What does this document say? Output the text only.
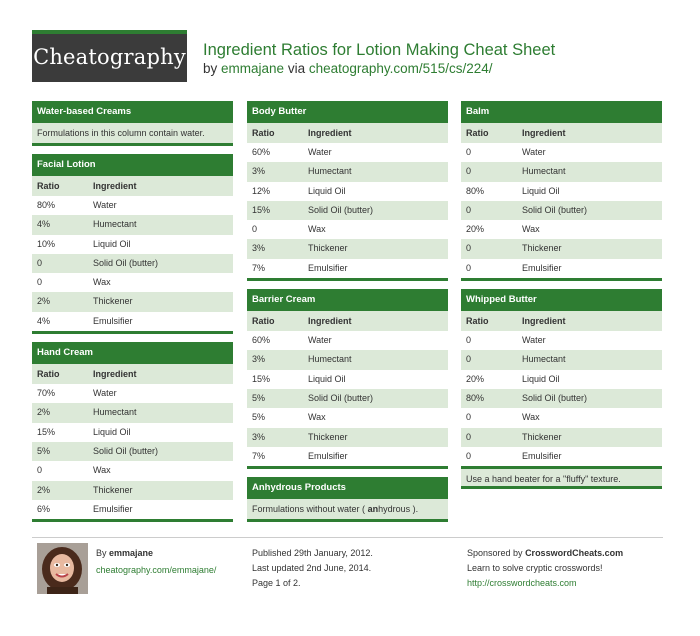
Cheatography Ingredient Ratios for Lotion Making Cheat Sheet
by emmajane via cheatography.com/515/cs/224/
Water-based Creams
Formulations in this column contain water.
Facial Lotion
Ratio	Ingredient
80%	Water
4%	Humectant
10%	Liquid Oil
0	Solid Oil (butter)
0	Wax
2%	Thickener
4%	Emulsifier
Hand Cream
Ratio	Ingredient
70%	Water
2%	Humectant
15%	Liquid Oil
5%	Solid Oil (butter)
0	Wax
2%	Thickener
6%	Emulsifier
Body Butter
Ratio	Ingredient
60%	Water
3%	Humectant
12%	Liquid Oil
15%	Solid Oil (butter)
0	Wax
3%	Thickener
7%	Emulsifier
Barrier Cream
Ratio	Ingredient
60%	Water
3%	Humectant
15%	Liquid Oil
5%	Solid Oil (butter)
5%	Wax
3%	Thickener
7%	Emulsifier
Anhydrous Products
Formulations without water ( anhydrous ).
Balm
Ratio	Ingredient
0	Water
0	Humectant
80%	Liquid Oil
0	Solid Oil (butter)
20%	Wax
0	Thickener
0	Emulsifier
Whipped Butter
Ratio	Ingredient
0	Water
0	Humectant
20%	Liquid Oil
80%	Solid Oil (butter)
0	Wax
0	Thickener
0	Emulsifier
Use a hand beater for a "fluffy" texture.
By emmajane
cheatography.com/emmajane/
Published 29th January, 2012.
Last updated 2nd June, 2014.
Page 1 of 2.
Sponsored by CrosswordCheats.com
Learn to solve cryptic crosswords!
http://crosswordcheats.com
